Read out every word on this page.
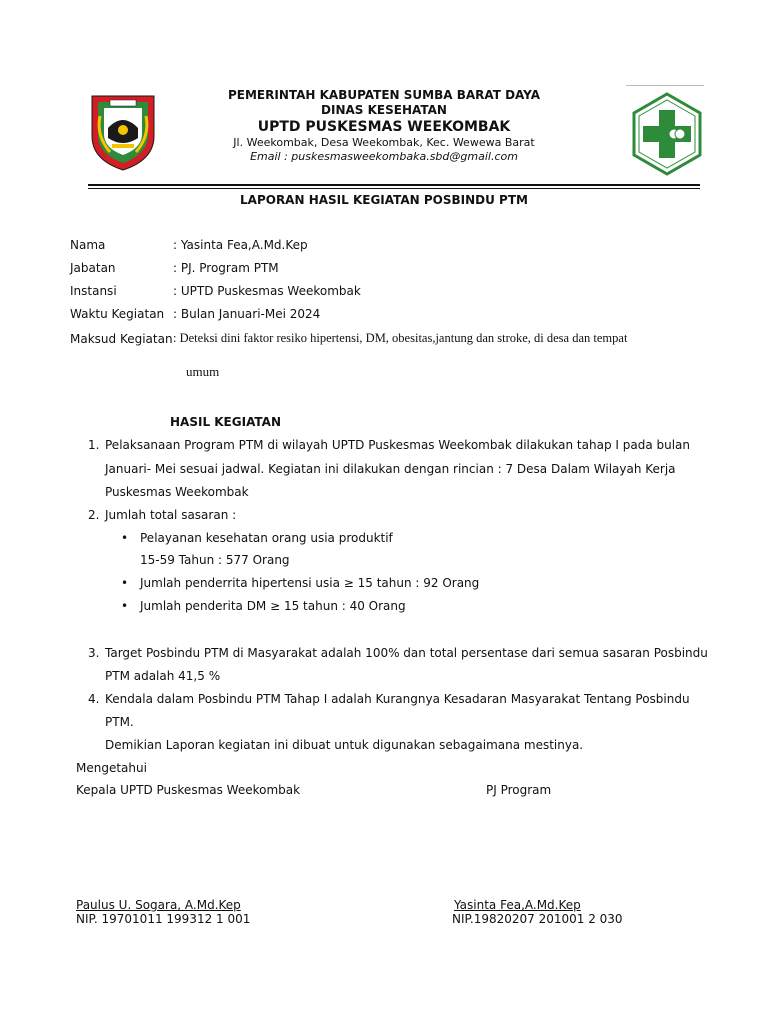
PEMERINTAH KABUPATEN SUMBA BARAT DAYA
DINAS KESEHATAN
UPTD PUSKESMAS WEEKOMBAK
Jl. Weekombak, Desa Weekombak, Kec. Wewewa Barat
Email : puskesmasweekombaka.sbd@gmail.com
LAPORAN HASIL KEGIATAN POSBINDU PTM
Nama	: Yasinta Fea,A.Md.Kep
Jabatan	: PJ. Program PTM
Instansi	: UPTD Puskesmas Weekombak
Waktu Kegiatan : Bulan Januari-Mei 2024
Maksud Kegiatan : Deteksi dini faktor resiko hipertensi, DM, obesitas,jantung dan stroke, di desa dan tempat
umum
HASIL KEGIATAN
1. Pelaksanaan Program PTM di wilayah UPTD Puskesmas Weekombak dilakukan tahap I pada bulan
Januari- Mei sesuai jadwal. Kegiatan ini dilakukan dengan rincian : 7 Desa Dalam Wilayah Kerja
Puskesmas Weekombak
2. Jumlah total sasaran :
• Pelayanan kesehatan orang usia produktif
15-59 Tahun : 577 Orang
• Jumlah penderrita hipertensi usia ≥ 15 tahun : 92 Orang
• Jumlah penderita DM ≥ 15 tahun : 40 Orang
3. Target Posbindu PTM di Masyarakat adalah 100% dan total persentase dari semua sasaran Posbindu
PTM adalah 41,5 %
4. Kendala dalam Posbindu PTM Tahap I adalah Kurangnya Kesadaran Masyarakat Tentang Posbindu
PTM.
Demikian Laporan kegiatan ini dibuat untuk digunakan sebagaimana mestinya.
Mengetahui
Kepala UPTD Puskesmas Weekombak	PJ Program
Paulus U. Sogara, A.Md.Kep
NIP. 19701011 199312 1 001
Yasinta Fea,A.Md.Kep
NIP.19820207 201001 2 030
